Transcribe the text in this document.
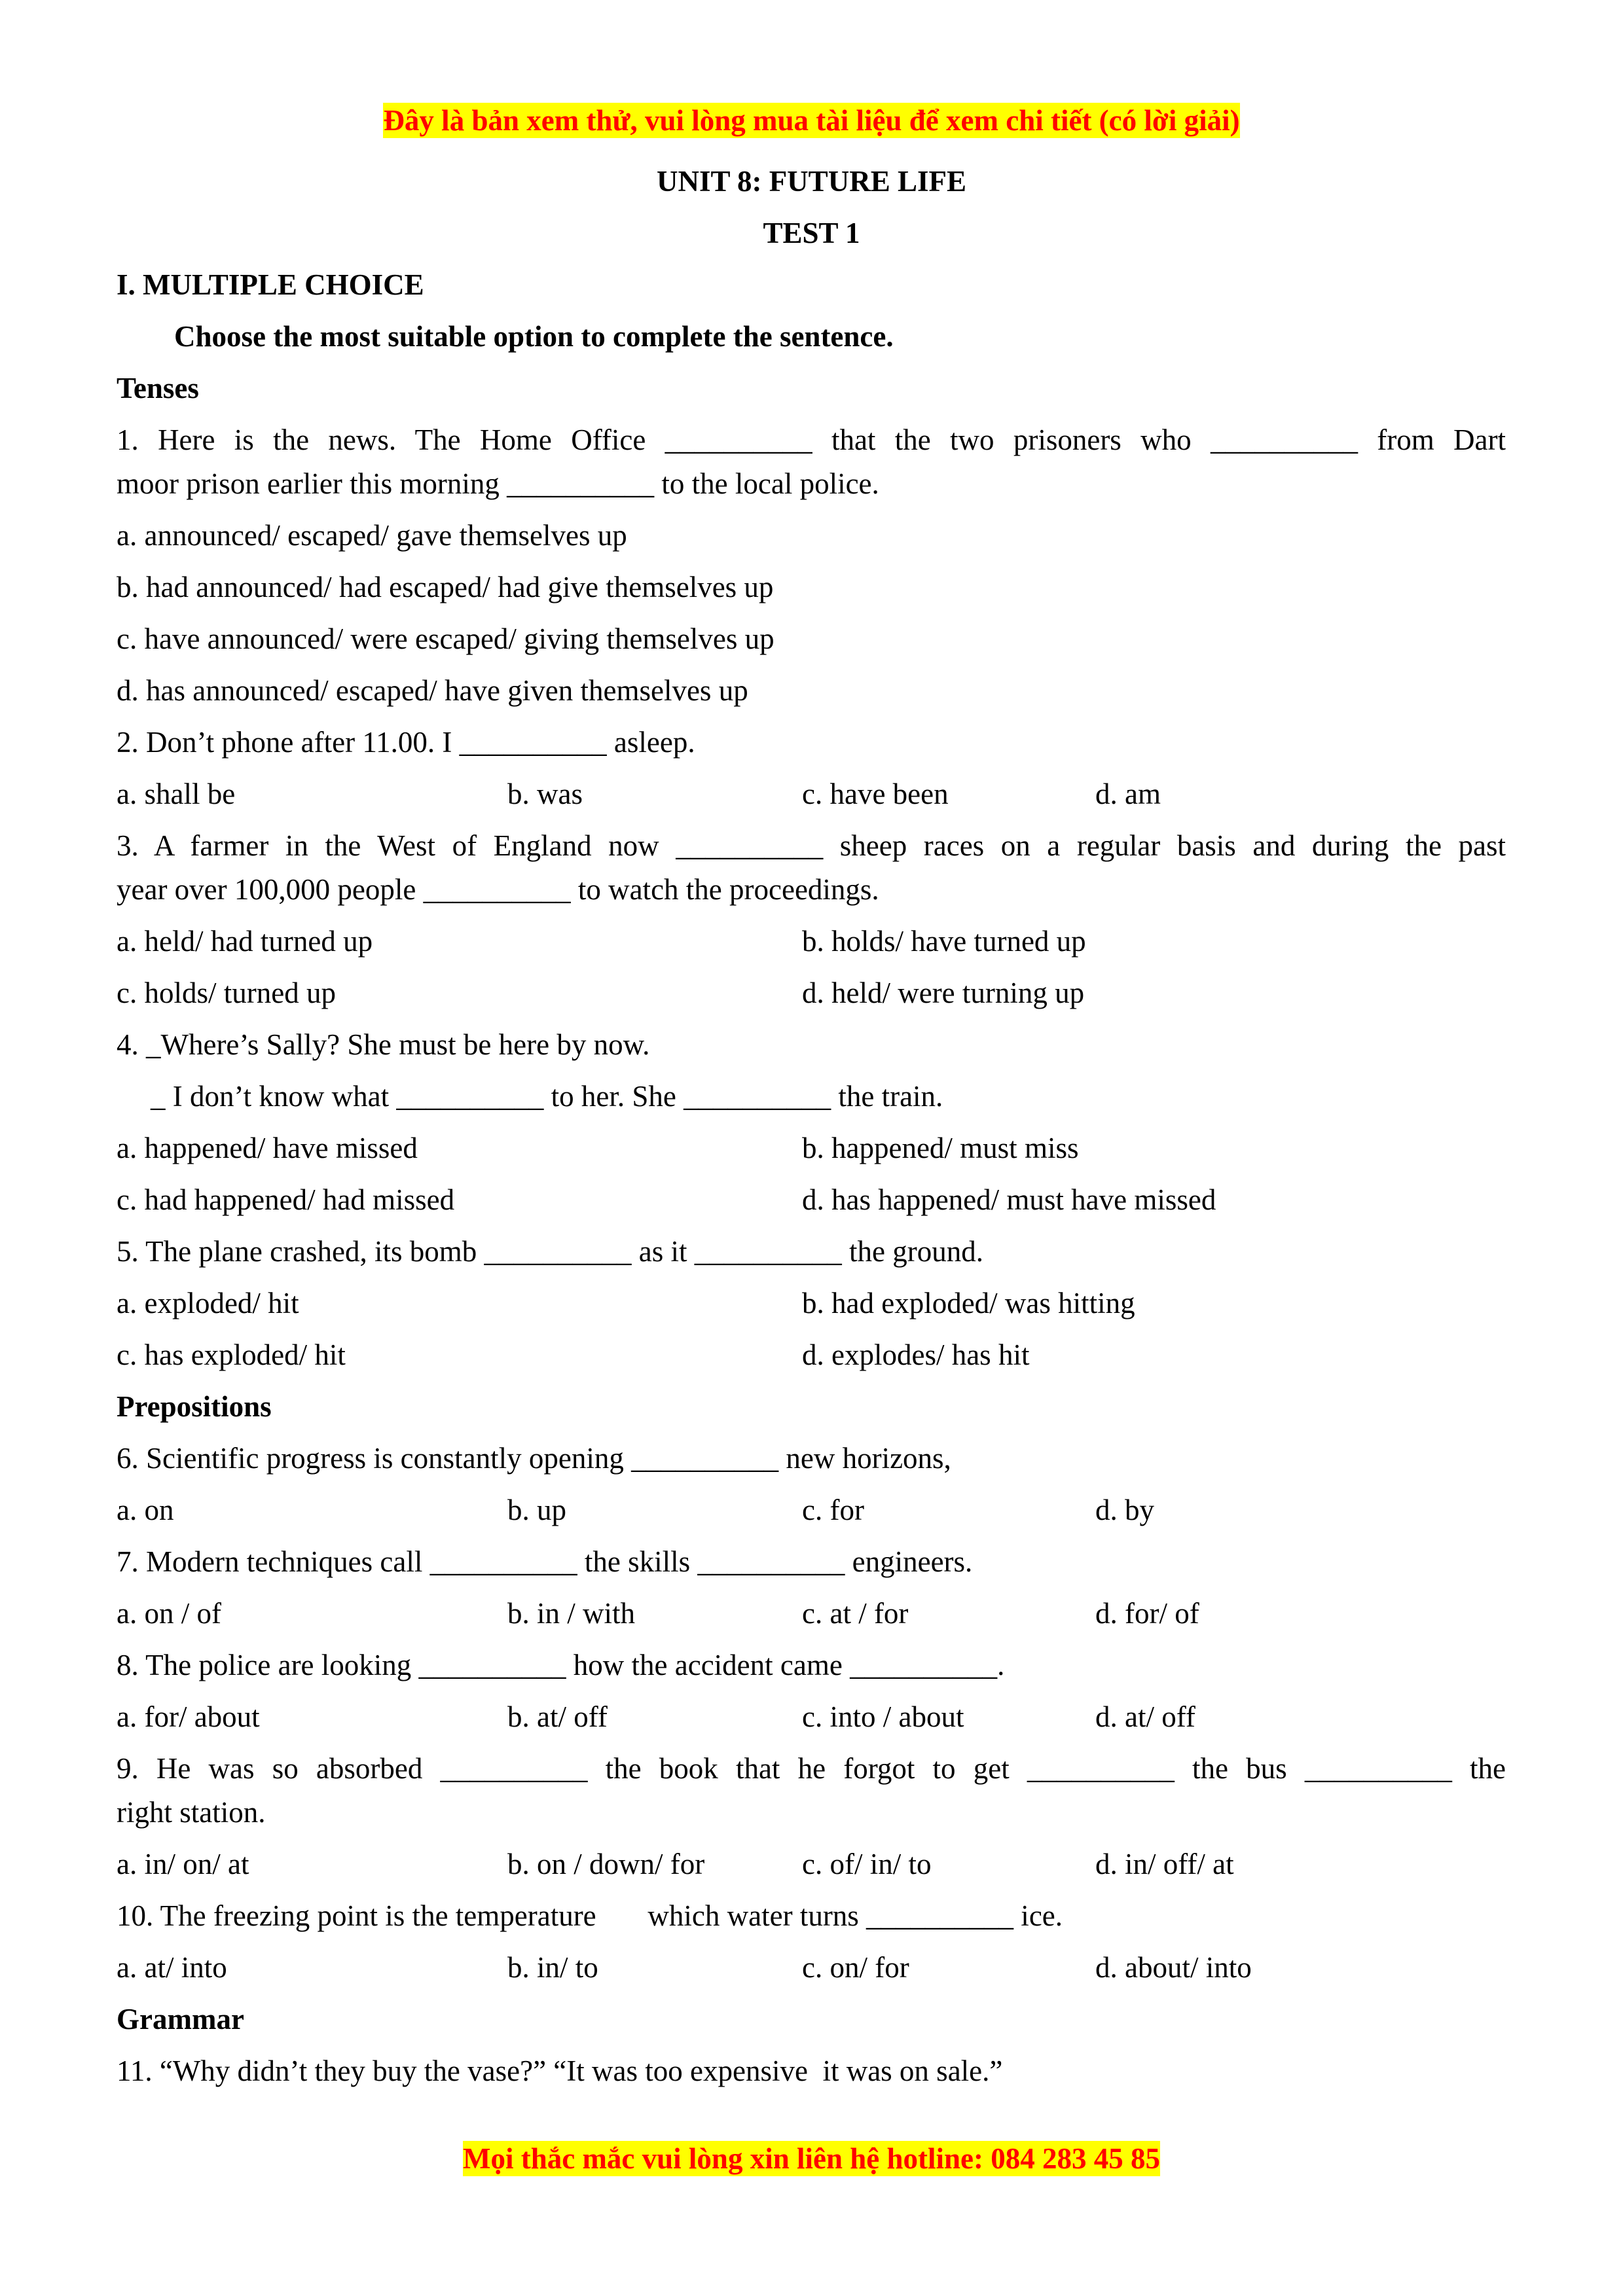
Đây là bản xem thử, vui lòng mua tài liệu để xem chi tiết (có lời giải)
UNIT 8: FUTURE LIFE
TEST 1
I. MULTIPLE CHOICE
Choose the most suitable option to complete the sentence.
Tenses
1. Here is the news. The Home Office __________ that the two prisoners who __________ from Dart
moor prison earlier this morning __________ to the local police.
a. announced/ escaped/ gave themselves up
b. had announced/ had escaped/ had give themselves up
c. have announced/ were escaped/ giving themselves up
d. has announced/ escaped/ have given themselves up
2. Don’t phone after 11.00. I __________ asleep.
a. shall be	b. was	c. have been	d. am
3. A farmer in the West of England now __________ sheep races on a regular basis and during the past
year over 100,000 people __________ to watch the proceedings.
a. held/ had turned up	b. holds/ have turned up
c. holds/ turned up	d. held/ were turning up
4. _Where’s Sally? She must be here by now.
_ I don’t know what __________ to her. She __________ the train.
a. happened/ have missed	b. happened/ must miss
c. had happened/ had missed	d. has happened/ must have missed
5. The plane crashed, its bomb __________ as it __________ the ground.
a. exploded/ hit	b. had exploded/ was hitting
c. has exploded/ hit	d. explodes/ has hit
Prepositions
6. Scientific progress is constantly opening __________ new horizons,
a. on	b. up	c. for	d. by
7. Modern techniques call __________ the skills __________ engineers.
a. on / of	b. in / with	c. at / for	d. for/ of
8. The police are looking __________ how the accident came __________.
a. for/ about	b. at/ off	c. into / about	d. at/ off
9. He was so absorbed __________ the book that he forgot to get __________ the bus __________ the
right station.
a. in/ on/ at	b. on / down/ for	c. of/ in/ to	d. in/ off/ at
10. The freezing point is the temperature       which water turns __________ ice.
a. at/ into	b. in/ to	c. on/ for	d. about/ into
Grammar
11. “Why didn’t they buy the vase?” “It was too expensive  it was on sale.”
Mọi thắc mắc vui lòng xin liên hệ hotline: 084 283 45 85
